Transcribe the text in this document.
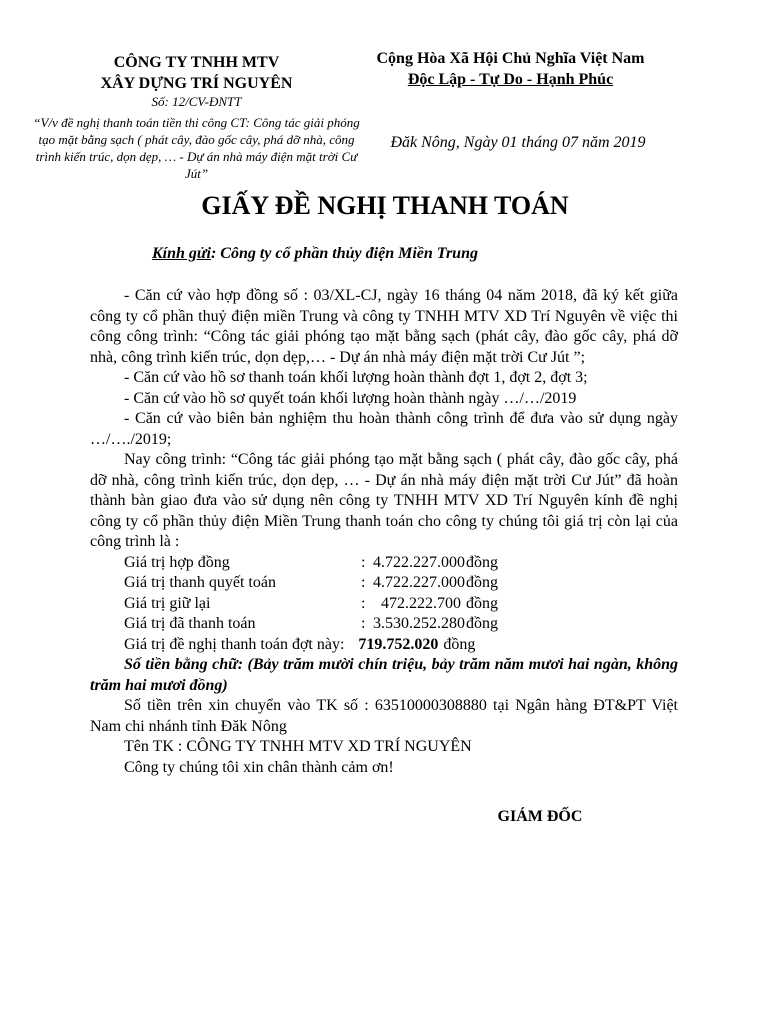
CÔNG TY TNHH MTV

XÂY DỰNG TRÍ NGUYÊN

Số: 12/CV-ĐNTT

“V/v đề nghị thanh toán tiền thi công CT: Công tác giải phóng tạo mặt bằng sạch ( phát cây, đào gốc cây, phá dỡ nhà, công trình kiến trúc, dọn dẹp, … - Dự án nhà máy điện mặt trời Cư Jút”

Cộng Hòa Xã Hội Chủ Nghĩa Việt Nam

Độc Lập - Tự Do - Hạnh Phúc

Đăk Nông, Ngày 01 tháng 07 năm 2019
GIẤY ĐỀ NGHỊ THANH TOÁN
Kính gửi: Công ty cổ phần thủy điện Miền Trung

- Căn cứ vào hợp đồng số : 03/XL-CJ, ngày 16 tháng 04 năm 2018, đã ký kết giữa công ty cổ phần thuỷ điện miền Trung và công ty TNHH MTV XD Trí Nguyên về việc thi công công trình: “Công tác giải phóng tạo mặt bằng sạch (phát cây, đào gốc cây, phá dỡ nhà, công trình kiến trúc, dọn dẹp,… - Dự án nhà máy điện mặt trời Cư Jút ”;

- Căn cứ vào hồ sơ thanh toán khối lượng hoàn thành đợt 1, đợt 2, đợt 3;

- Căn cứ vào hồ sơ quyết toán khối lượng hoàn thành ngày …/…/2019

- Căn cứ vào biên bản nghiệm thu hoàn thành công trình để đưa vào sử dụng ngày …/…./2019;

Nay công trình: “Công tác giải phóng tạo mặt bằng sạch ( phát cây, đào gốc cây, phá dỡ nhà, công trình kiến trúc, dọn dẹp, … - Dự án nhà máy điện mặt trời Cư Jút” đã hoàn thành bàn giao đưa vào sử dụng nên công ty TNHH MTV XD Trí Nguyên kính đề nghị công ty cổ phần thủy điện Miền Trung thanh toán cho công ty chúng tôi giá trị còn lại của công trình là :

Giá trị hợp đồng	: 4.722.227.000 đồng
Giá trị thanh quyết toán	: 4.722.227.000 đồng
Giá trị giữ lại	: 472.222.700 đồng
Giá trị đã thanh toán	: 3.530.252.280 đồng
Giá trị đề nghị thanh toán đợt này: 719.752.020 đồng

Số tiền bằng chữ: (Bảy trăm mười chín triệu, bảy trăm năm mươi hai ngàn, không trăm hai mươi đồng)

Số tiền trên xin chuyển vào TK số : 63510000308880 tại Ngân hàng ĐT&PT Việt Nam chi nhánh tỉnh Đăk Nông

Tên TK : CÔNG TY TNHH MTV XD TRÍ NGUYÊN

Công ty chúng tôi xin chân thành cảm ơn!

GIÁM ĐỐC
